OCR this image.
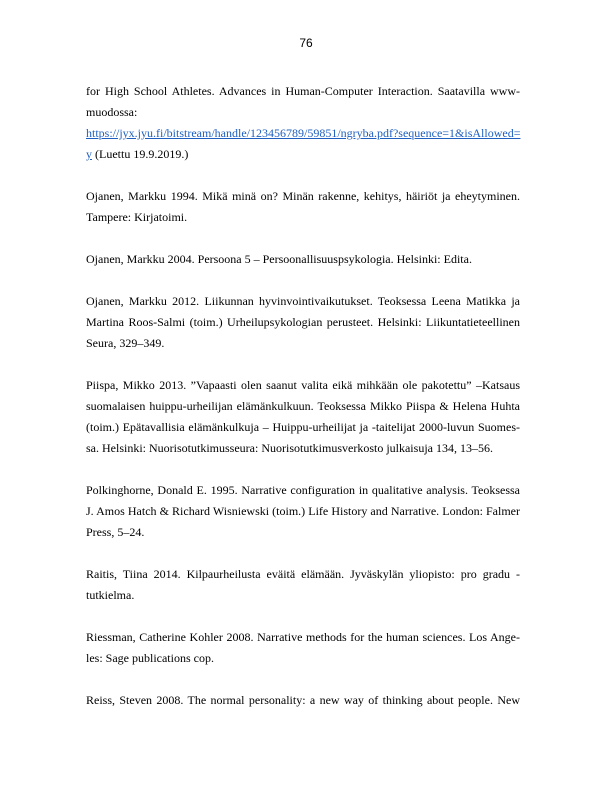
76

for High School Athletes. Advances in Human-Computer Interaction. Saatavilla www-
muodossa:
https://jyx.jyu.fi/bitstream/handle/123456789/59851/ngryba.pdf?sequence=1&isAllowed=
y (Luettu 19.9.2019.)

Ojanen, Markku 1994. Mikä minä on? Minän rakenne, kehitys, häiriöt ja eheytyminen.
Tampere: Kirjatoimi.

Ojanen, Markku 2004. Persoona 5 – Persoonallisuuspsykologia. Helsinki: Edita.

Ojanen, Markku 2012. Liikunnan hyvinvointivaikutukset. Teoksessa Leena Matikka ja
Martina Roos-Salmi (toim.) Urheilupsykologian perusteet. Helsinki: Liikuntatieteellinen
Seura, 329–349.

Piispa, Mikko 2013. ”Vapaasti olen saanut valita eikä mihkään ole pakotettu” –Katsaus
suomalaisen huippu-urheilijan elämänkulkuun. Teoksessa Mikko Piispa & Helena Huhta
(toim.) Epätavallisia elämänkulkuja – Huippu-urheilijat ja -taitelijat 2000-luvun Suomes-
sa. Helsinki: Nuorisotutkimusseura: Nuorisotutkimusverkosto julkaisuja 134, 13–56.

Polkinghorne, Donald E. 1995. Narrative configuration in qualitative analysis. Teoksessa
J. Amos Hatch & Richard Wisniewski (toim.) Life History and Narrative. London: Falmer
Press, 5–24.

Raitis, Tiina 2014. Kilpaurheilusta eväitä elämään. Jyväskylän yliopisto: pro gradu -
tutkielma.

Riessman, Catherine Kohler 2008. Narrative methods for the human sciences. Los Ange-
les: Sage publications cop.

Reiss, Steven 2008. The normal personality: a new way of thinking about people. New
